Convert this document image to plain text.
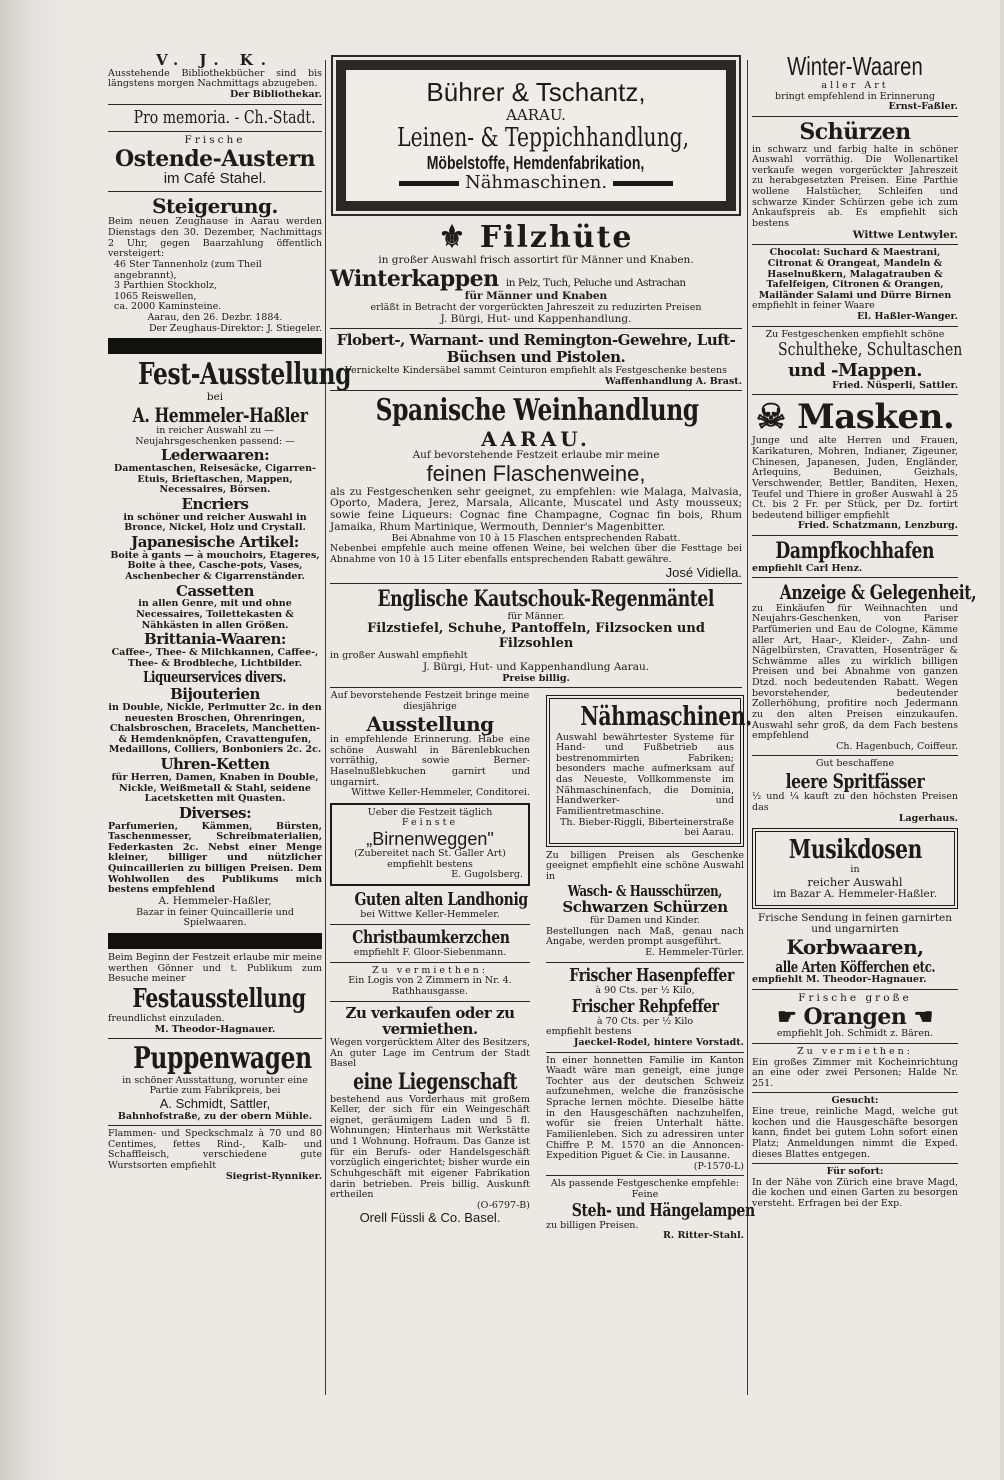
V. J. K.

Ausstehende Bibliothekbücher sind bis längstens morgen Nachmittags abzugeben.

Der Bibliothekar.

Pro memoria. - Ch.-Stadt.

Frische

Ostende-Austern

im Café Stahel.

Steigerung.

Beim neuen Zeughause in Aarau werden Dienstags den 30. Dezember, Nachmittags 2 Uhr, gegen Baarzahlung öffentlich versteigert:

46 Ster Tannenholz (zum Theil angebrannt),

3 Parthien Stockholz,

1065 Reiswellen,

ca. 2000 Kaminsteine.

Aarau, den 26. Dezbr. 1884.

Der Zeughaus-Direktor: J. Stiegeler.

Fest-Ausstellung

bei

A. Hemmeler-Haßler

in reicher Auswahl zu — Neujahrsgeschenken passend: —

Lederwaaren:

Damentaschen, Reisesäcke, Cigarren-Etuis, Brieftaschen, Mappen, Necessaires, Börsen.

Encriers

in schöner und reicher Auswahl in Bronce, Nickel, Holz und Crystall.

Japanesische Artikel:

Boite à gants — à mouchoirs, Etageres, Boite à thee, Casche-pots, Vases, Aschenbecher & Cigarrenständer.

Cassetten

in allen Genre, mit und ohne Necessaires, Toilettekasten & Nähkästen in allen Größen.

Brittania-Waaren:

Caffee-, Thee- & Milchkannen, Caffee-, Thee- & Brodbleche, Lichtbilder.

Liqueurservices divers.

Bijouterien

in Double, Nickle, Perlmutter 2c. in den neuesten Broschen, Ohrenringen, Chalsbroschen, Bracelets, Manchetten- & Hemdenknöpfen, Cravattengufen, Medaillons, Colliers, Bonboniers 2c. 2c.

Uhren-Ketten

für Herren, Damen, Knaben in Double, Nickle, Weißmetall & Stahl, seidene Lacetsketten mit Quasten.

Diverses:

Parfumerien, Kämmen, Bürsten, Taschenmesser, Schreibmaterialien, Federkasten 2c. Nebst einer Menge kleiner, billiger und nützlicher Quincaillerien zu billigen Preisen. Dem Wohlwollen des Publikums mich bestens empfehlend

A. Hemmeler-Haßler,

Bazar in feiner Quincaillerie und Spielwaaren.

Beim Beginn der Festzeit erlaube mir meine werthen Gönner und t. Publikum zum Besuche meiner

Festausstellung

freundlichst einzuladen.

M. Theodor-Hagnauer.

Puppenwagen

in schöner Ausstattung, worunter eine Partie zum Fabrikpreis, bei

A. Schmidt, Sattler,

Bahnhofstraße, zu der obern Mühle.

Flammen- und Speckschmalz à 70 und 80 Centimes, fettes Rind-, Kalb- und Schaffleisch, verschiedene gute Wurstsorten empfiehlt

Siegrist-Rynniker.

Bührer & Tschantz,

AARAU.

Leinen- & Teppichhandlung,

Möbelstoffe, Hemdenfabrikation,

Nähmaschinen.

⚜ Filzhüte

in großer Auswahl frisch assortirt für Männer und Knaben.

Winterkappen in Pelz, Tuch, Peluche und Astrachan

für Männer und Knaben

erläßt in Betracht der vorgerückten Jahreszeit zu reduzirten Preisen

J. Bürgi, Hut- und Kappenhandlung.

Flobert-, Warnant- und Remington-Gewehre, Luft-Büchsen und Pistolen.

Vernickelte Kindersäbel sammt Ceinturon empfiehlt als Festgeschenke bestens

Waffenhandlung A. Brast.

Spanische Weinhandlung

AARAU.

Auf bevorstehende Festzeit erlaube mir meine

feinen Flaschenweine,

als zu Festgeschenken sehr geeignet, zu empfehlen: wie Malaga, Malvasia, Oporto, Madera, Jerez, Marsala, Alicante, Muscatel und Asty mousseux; sowie feine Liqueurs: Cognac fine Champagne, Cognac fin bois, Rhum Jamaika, Rhum Martinique, Wermouth, Dennier's Magenbitter.

Bei Abnahme von 10 à 15 Flaschen entsprechenden Rabatt.

Nebenbei empfehle auch meine offenen Weine, bei welchen über die Festtage bei Abnahme von 10 à 15 Liter ebenfalls entsprechenden Rabatt gewähre.

José Vidiella.

Englische Kautschouk-Regenmäntel

für Männer.

Filzstiefel, Schuhe, Pantoffeln, Filzsocken und Filzsohlen

in großer Auswahl empfiehlt

J. Bürgi, Hut- und Kappenhandlung Aarau.

Preise billig.

Auf bevorstehende Festzeit bringe meine diesjährige

Ausstellung

in empfehlende Erinnerung. Habe eine schöne Auswahl in Bärenlebkuchen vorräthig, sowie Berner-Haselnußlebkuchen garnirt und ungarnirt.

Wittwe Keller-Hemmeler, Conditorei.

Ueber die Festzeit täglich

Feinste

„Birnenweggen"

(Zubereitet nach St. Galler Art) empfiehlt bestens

E. Gugolsberg.

Guten alten Landhonig

bei Wittwe Keller-Hemmeler.

Christbaumkerzchen

empfiehlt F. Gloor-Siebenmann.

Zu vermiethen:

Ein Logis von 2 Zimmern in Nr. 4. Rathhausgasse.

Zu verkaufen oder zu vermiethen.

Wegen vorgerücktem Alter des Besitzers, An guter Lage im Centrum der Stadt Basel

eine Liegenschaft

bestehend aus Vorderhaus mit großem Keller, der sich für ein Weingeschäft eignet, geräumigem Laden und 5 fl. Wohnungen; Hinterhaus mit Werkstätte und 1 Wohnung. Hofraum. Das Ganze ist für ein Berufs- oder Handelsgeschäft vorzüglich eingerichtet; bisher wurde ein Schuhgeschäft mit eigener Fabrikation darin betrieben. Preis billig. Auskunft ertheilen

(O-6797-B)

Orell Füssli & Co. Basel.

Nähmaschinen.

Auswahl bewährtester Systeme für Hand- und Fußbetrieb aus bestrenommirten Fabriken; besonders mache aufmerksam auf das Neueste, Vollkommenste im Nähmaschinenfach, die Dominia, Handwerker- und Familientretmaschine.

Th. Bieber-Riggli, Biberteinerstraße bei Aarau.

Zu billigen Preisen als Geschenke geeignet empfiehlt eine schöne Auswahl in

Wasch- & Hausschürzen,

Schwarzen Schürzen

für Damen und Kinder.

Bestellungen nach Maß, genau nach Angabe, werden prompt ausgeführt.

E. Hemmeler-Türler.

Frischer Hasenpfeffer

à 90 Cts. per ½ Kilo,

Frischer Rehpfeffer

à 70 Cts. per ½ Kilo

empfiehlt bestens

Jaeckel-Rodel, hintere Vorstadt.

In einer honnetten Familie im Kanton Waadt wäre man geneigt, eine junge Tochter aus der deutschen Schweiz aufzunehmen, welche die französische Sprache lernen möchte. Dieselbe hätte in den Hausgeschäften nachzuhelfen, wofür sie freien Unterhalt hätte. Familienleben. Sich zu adressiren unter Chiffre P. M. 1570 an die Annoncen-Expedition Piguet & Cie. in Lausanne.

(P-1570-L)

Als passende Festgeschenke empfehle: Feine

Steh- und Hängelampen

zu billigen Preisen.

R. Ritter-Stahl.

Winter-Waaren

aller Art

bringt empfehlend in Erinnerung

Ernst-Faßler.

Schürzen

in schwarz und farbig halte in schöner Auswahl vorräthig. Die Wollenartikel verkaufe wegen vorgerückter Jahreszeit zu herabgesetzten Preisen. Eine Parthie wollene Halstücher, Schleifen und schwarze Kinder Schürzen gebe ich zum Ankaufspreis ab. Es empfiehlt sich bestens

Wittwe Lentwyler.

Chocolat: Suchard & Maestrani, Citronat & Orangeat, Mandeln & Haselnußkern, Malagatrauben & Tafelfeigen, Citronen & Orangen, Mailänder Salami und Dürre Birnen

empfiehlt in feiner Waare

El. Haßler-Wanger.

Zu Festgeschenken empfiehlt schöne

Schultheke, Schultaschen

und -Mappen.

Fried. Nüsperli, Sattler.

☠ Masken.

Junge und alte Herren und Frauen, Karikaturen, Mohren, Indianer, Zigeuner, Chinesen, Japanesen, Juden, Engländer, Arlequins, Beduinen, Geizhals, Verschwender, Bettler, Banditen, Hexen, Teufel und Thiere in großer Auswahl à 25 Ct. bis 2 Fr. per Stück, per Dz. fortirt bedeutend billiger empfiehlt

Fried. Schatzmann, Lenzburg.

Dampfkochhafen

empfiehlt Carl Henz.

Anzeige & Gelegenheit,

zu Einkäufen für Weihnachten und Neujahrs-Geschenken, von Pariser Parfümerien und Eau de Cologne, Kämme aller Art, Haar-, Kleider-, Zahn- und Nägelbürsten, Cravatten, Hosenträger & Schwämme alles zu wirklich billigen Preisen und bei Abnahme von ganzen Dtzd. noch bedeutenden Rabatt. Wegen bevorstehender, bedeutender Zollerhöhung, profitire noch Jedermann zu den alten Preisen einzukaufen. Auswahl sehr groß, da dem Fach bestens empfehlend

Ch. Hagenbuch, Coiffeur.

Gut beschaffene

leere Spritfässer

½ und ¼ kauft zu den höchsten Preisen das

Lagerhaus.

Musikdosen

in

reicher Auswahl

im Bazar A. Hemmeler-Haßler.

Frische Sendung in feinen garnirten und ungarnirten

Korbwaaren,

alle Arten Köfferchen etc.

empfiehlt M. Theodor-Hagnauer.

Frische große

☛ Orangen ☚

empfiehlt Joh. Schmidt z. Bären.

Zu vermiethen:

Ein großes Zimmer mit Kocheinrichtung an eine oder zwei Personen; Halde Nr. 251.

Gesucht:

Eine treue, reinliche Magd, welche gut kochen und die Hausgeschäfte besorgen kann, findet bei gutem Lohn sofort einen Platz; Anmeldungen nimmt die Exped. dieses Blattes entgegen.

Für sofort:

In der Nähe von Zürich eine brave Magd, die kochen und einen Garten zu besorgen versteht. Erfragen bei der Exp.
